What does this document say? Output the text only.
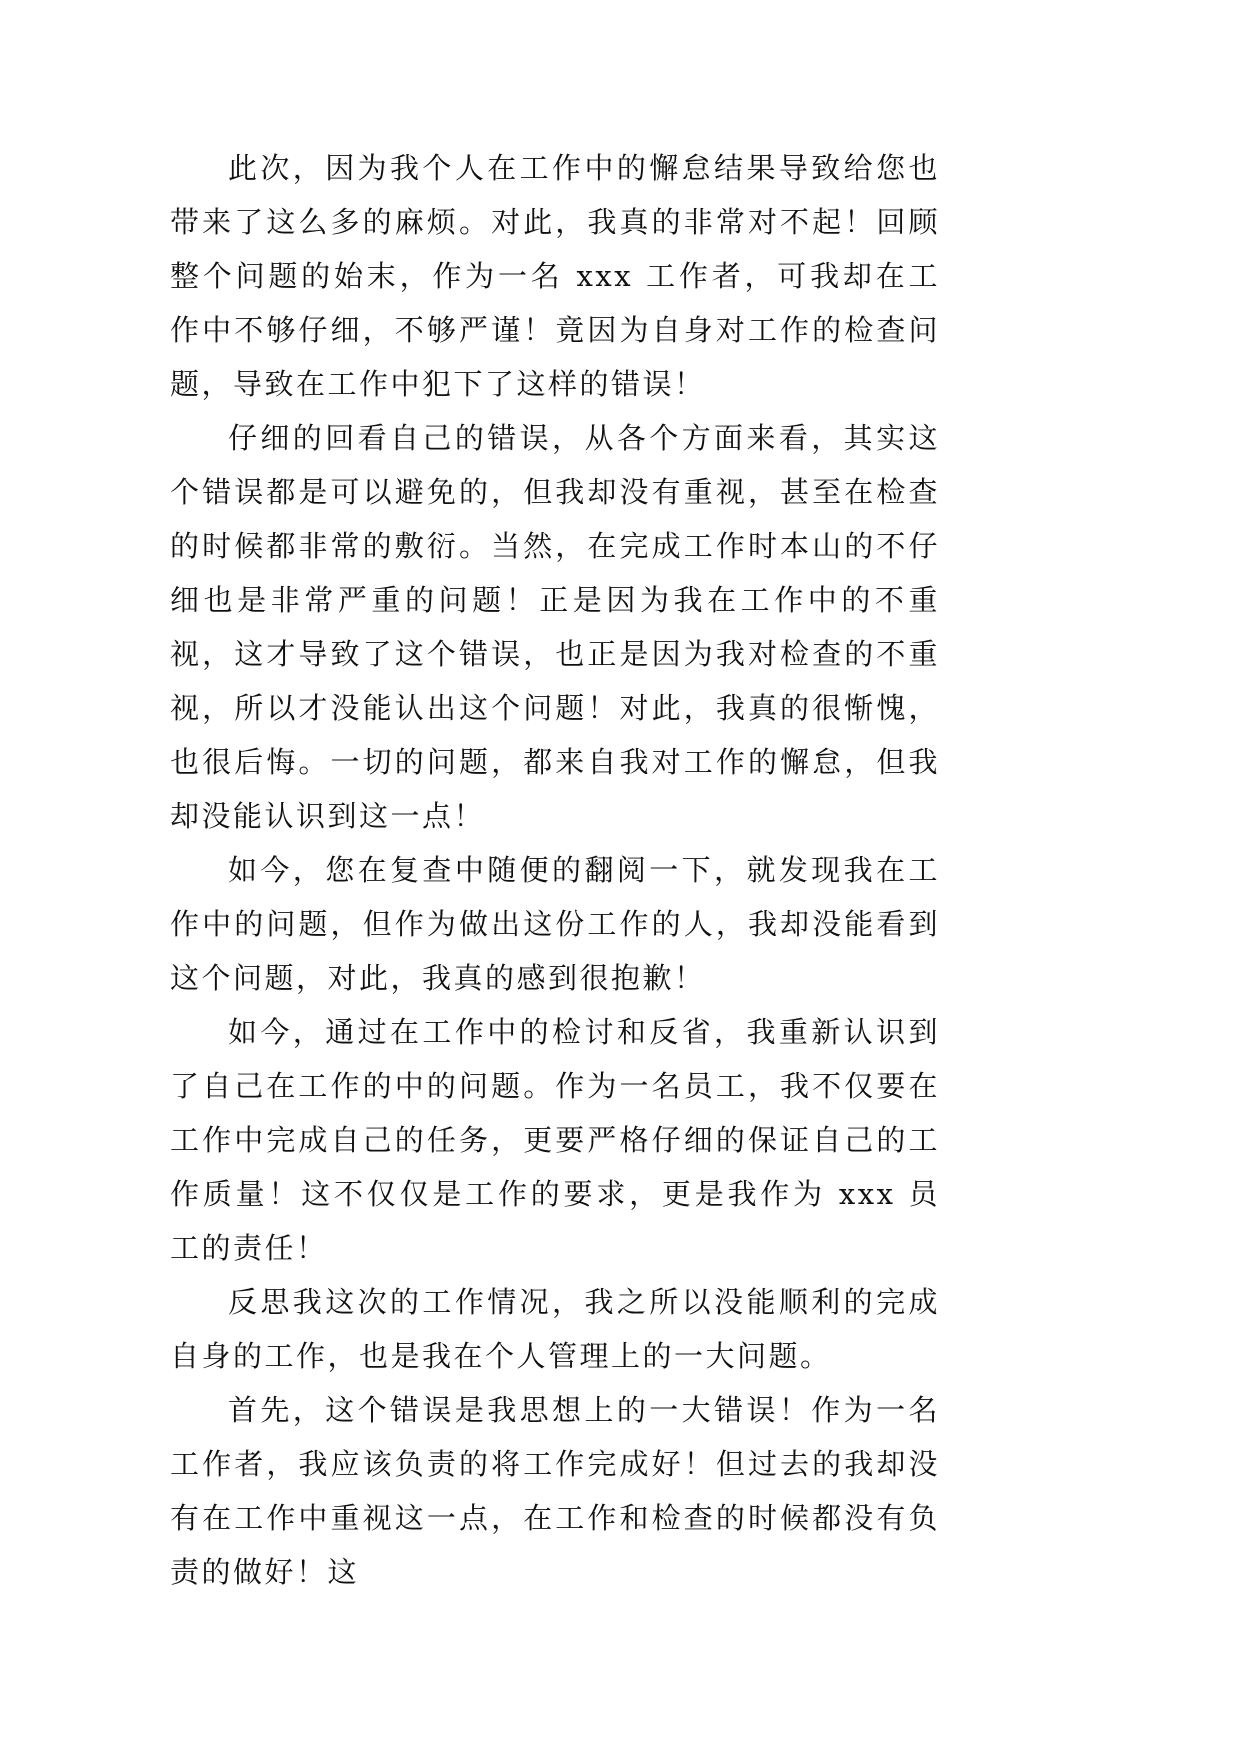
此次，因为我个人在工作中的懈怠结果导致给您也带来了这么多的麻烦。对此，我真的非常对不起！回顾整个问题的始末，作为一名 xxx 工作者，可我却在工作中不够仔细，不够严谨！竟因为自身对工作的检查问题，导致在工作中犯下了这样的错误！

仔细的回看自己的错误，从各个方面来看，其实这个错误都是可以避免的，但我却没有重视，甚至在检查的时候都非常的敷衍。当然，在完成工作时本山的不仔细也是非常严重的问题！正是因为我在工作中的不重视，这才导致了这个错误，也正是因为我对检查的不重视，所以才没能认出这个问题！对此，我真的很惭愧，也很后悔。一切的问题，都来自我对工作的懈怠，但我却没能认识到这一点！

如今，您在复查中随便的翻阅一下，就发现我在工作中的问题，但作为做出这份工作的人，我却没能看到这个问题，对此，我真的感到很抱歉！

如今，通过在工作中的检讨和反省，我重新认识到了自己在工作的中的问题。作为一名员工，我不仅要在工作中完成自己的任务，更要严格仔细的保证自己的工作质量！这不仅仅是工作的要求，更是我作为 xxx 员工的责任！

反思我这次的工作情况，我之所以没能顺利的完成自身的工作，也是我在个人管理上的一大问题。

首先，这个错误是我思想上的一大错误！作为一名工作者，我应该负责的将工作完成好！但过去的我却没有在工作中重视这一点，在工作和检查的时候都没有负责的做好！这
